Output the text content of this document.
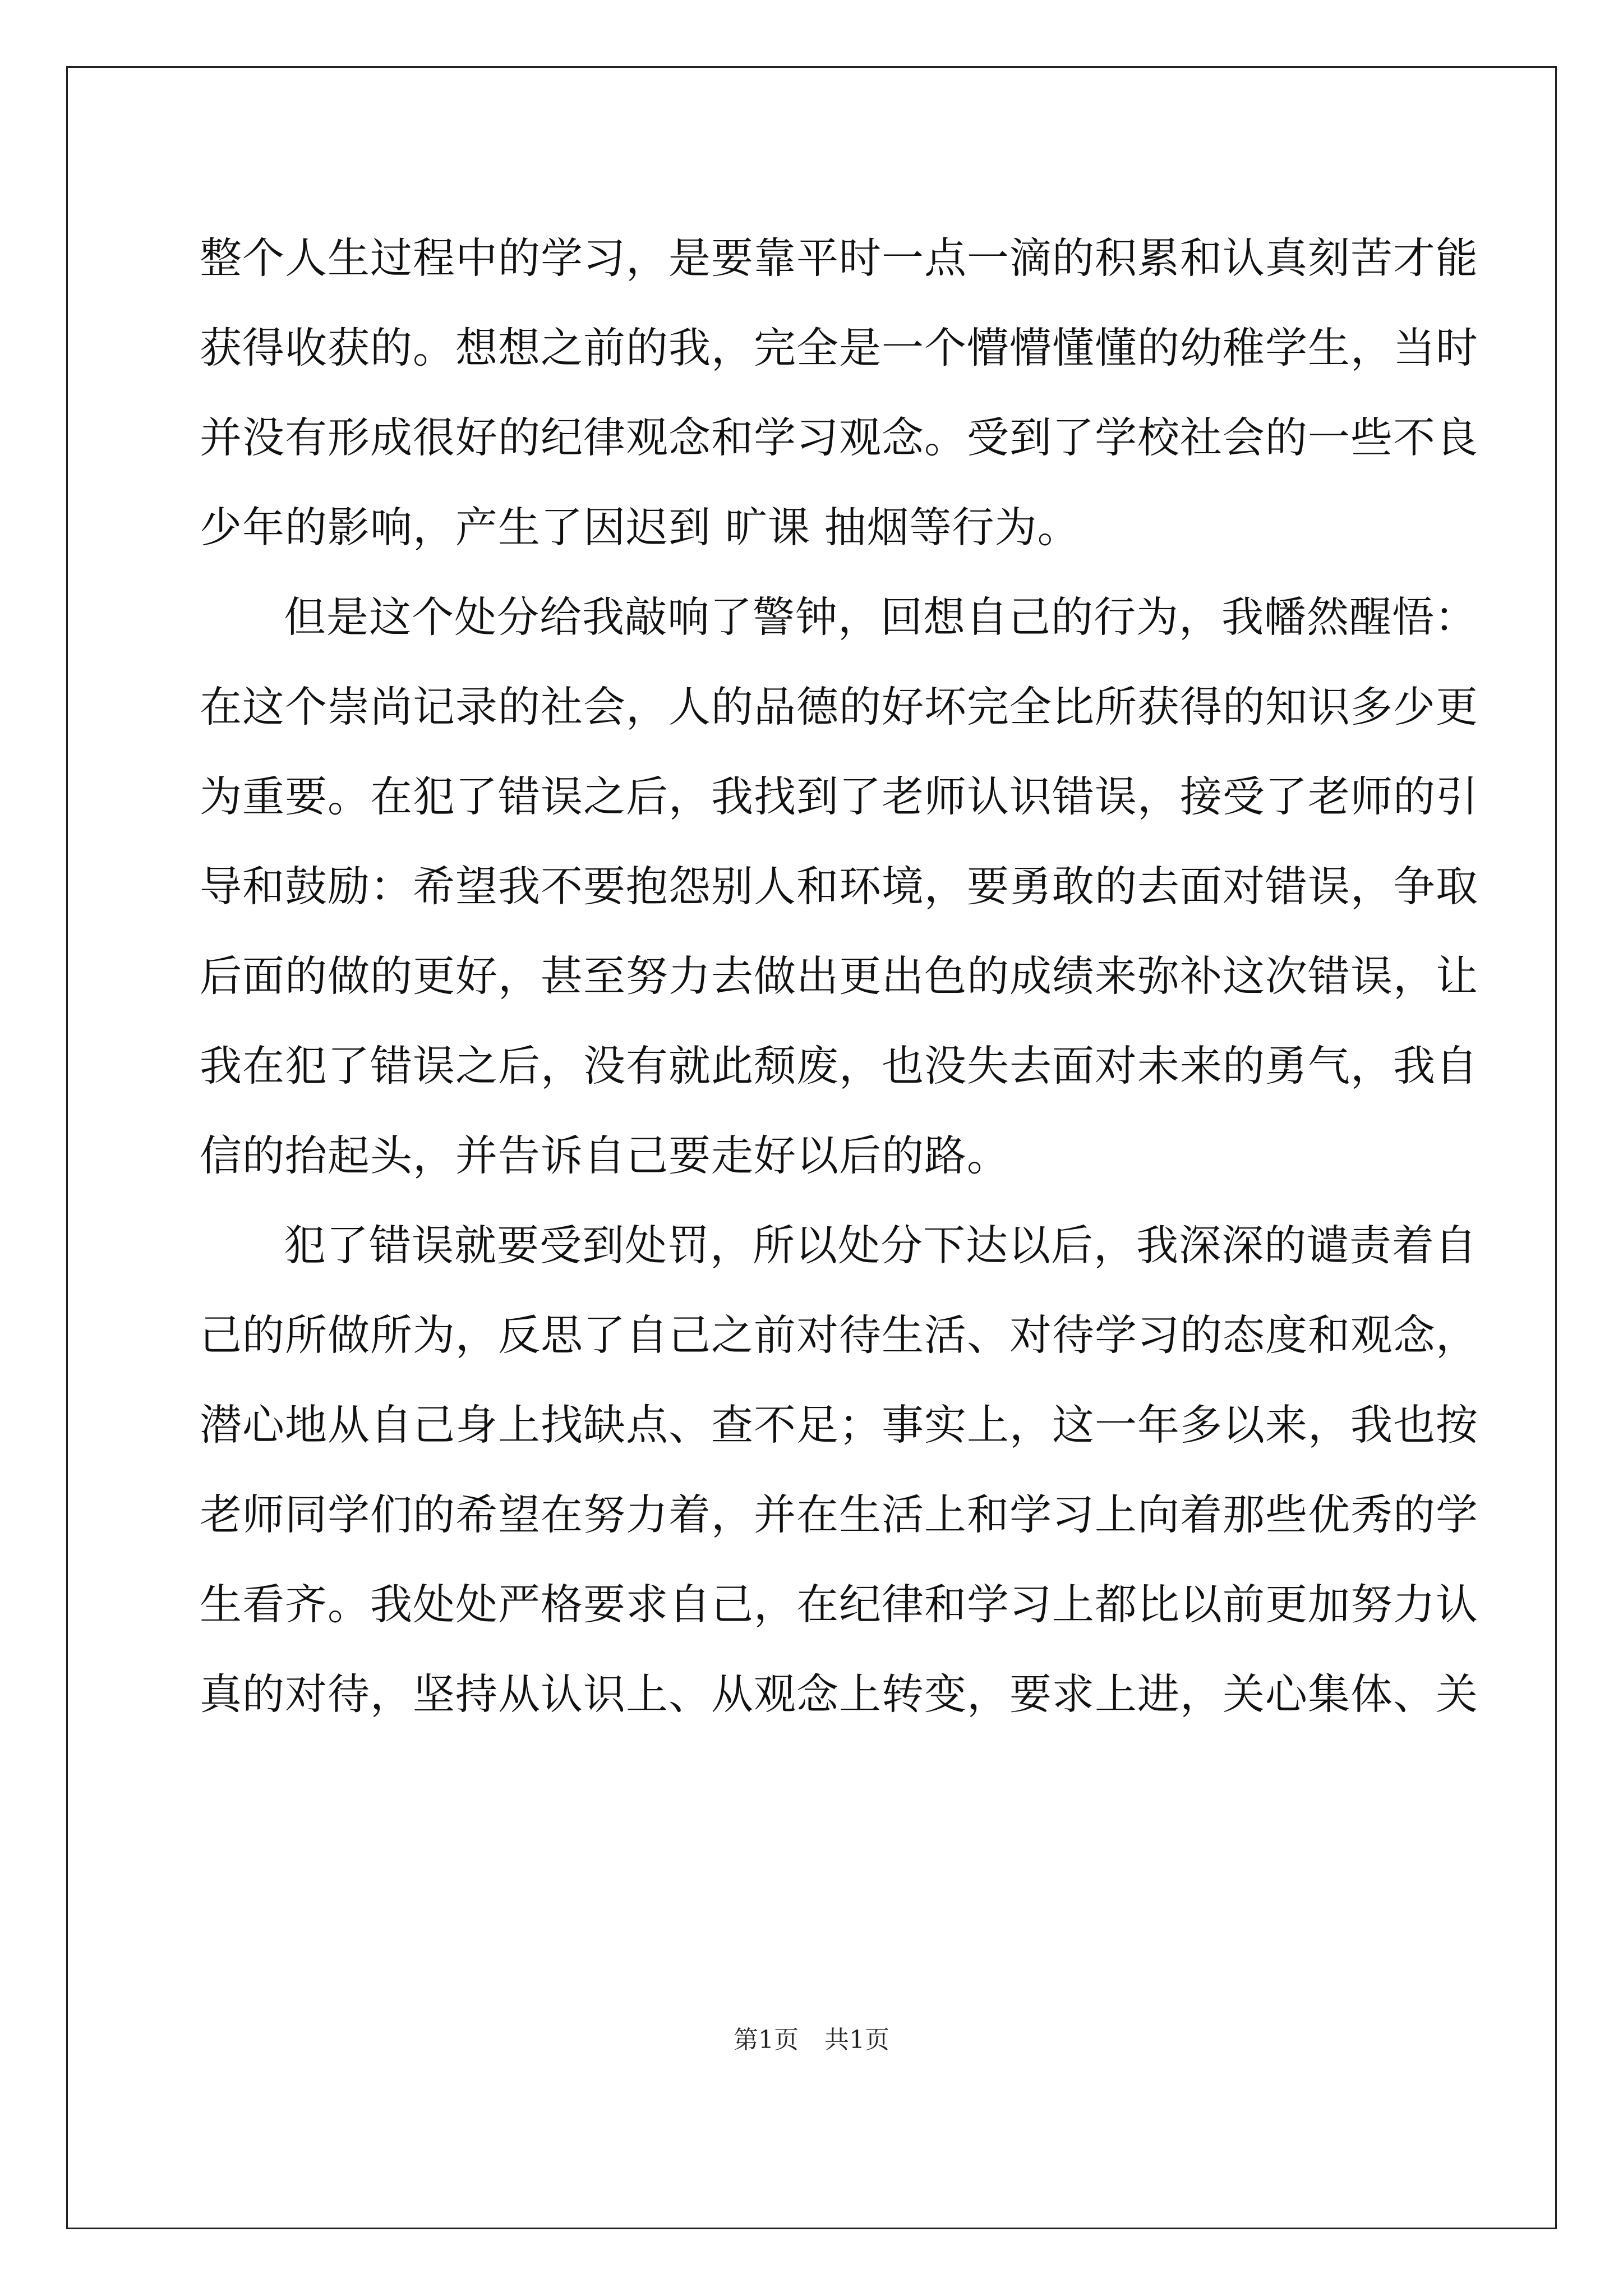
整个人生过程中的学习，是要靠平时一点一滴的积累和认真刻苦才能
获得收获的。想想之前的我，完全是一个懵懵懂懂的幼稚学生，当时
并没有形成很好的纪律观念和学习观念。受到了学校社会的一些不良
少年的影响，产生了因迟到 旷课 抽烟等行为。
但是这个处分给我敲响了警钟，回想自己的行为，我幡然醒悟：
在这个崇尚记录的社会，人的品德的好坏完全比所获得的知识多少更
为重要。在犯了错误之后，我找到了老师认识错误，接受了老师的引
导和鼓励：希望我不要抱怨别人和环境，要勇敢的去面对错误，争取
后面的做的更好，甚至努力去做出更出色的成绩来弥补这次错误，让
我在犯了错误之后，没有就此颓废，也没失去面对未来的勇气，我自
信的抬起头，并告诉自己要走好以后的路。
犯了错误就要受到处罚，所以处分下达以后，我深深的谴责着自
己的所做所为，反思了自己之前对待生活、对待学习的态度和观念，
潜心地从自己身上找缺点、查不足；事实上，这一年多以来，我也按
老师同学们的希望在努力着，并在生活上和学习上向着那些优秀的学
生看齐。我处处严格要求自己，在纪律和学习上都比以前更加努力认
真的对待，坚持从认识上、从观念上转变，要求上进，关心集体、关
第1页 共1页
